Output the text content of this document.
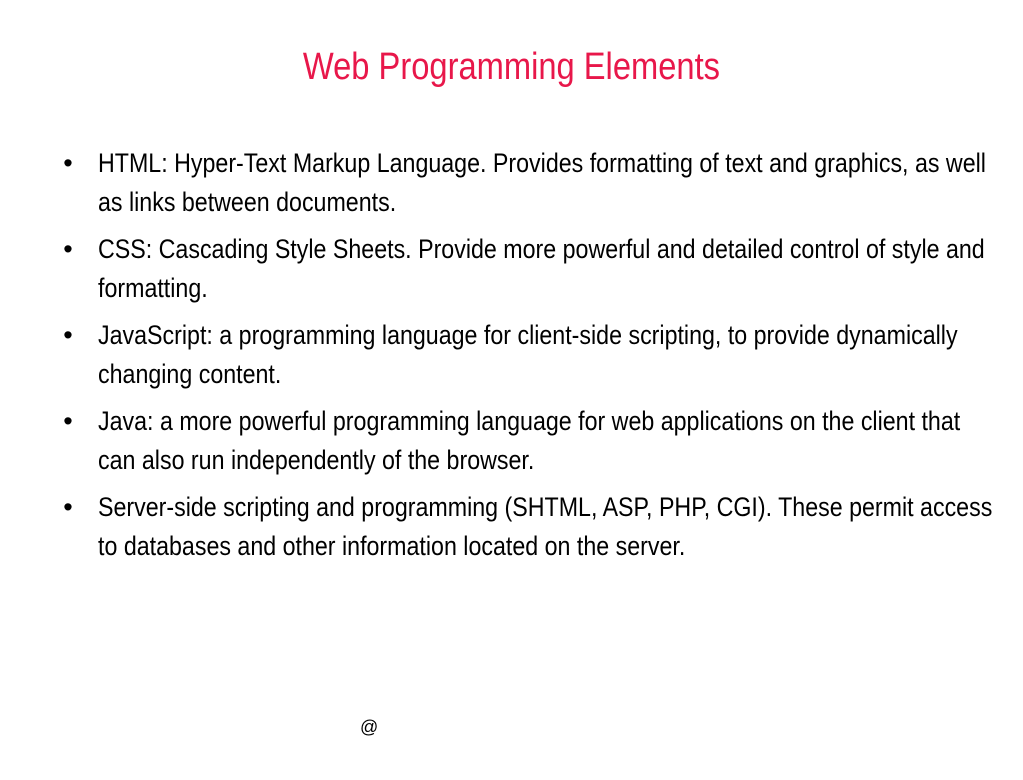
Web Programming Elements
• HTML: Hyper-Text Markup Language. Provides formatting of text and graphics, as well as links between documents.
• CSS: Cascading Style Sheets. Provide more powerful and detailed control of style and formatting.
• JavaScript: a programming language for client-side scripting, to provide dynamically changing content.
• Java: a more powerful programming language for web applications on the client that can also run independently of the browser.
• Server-side scripting and programming (SHTML, ASP, PHP, CGI). These permit access to databases and other information located on the server.
@
